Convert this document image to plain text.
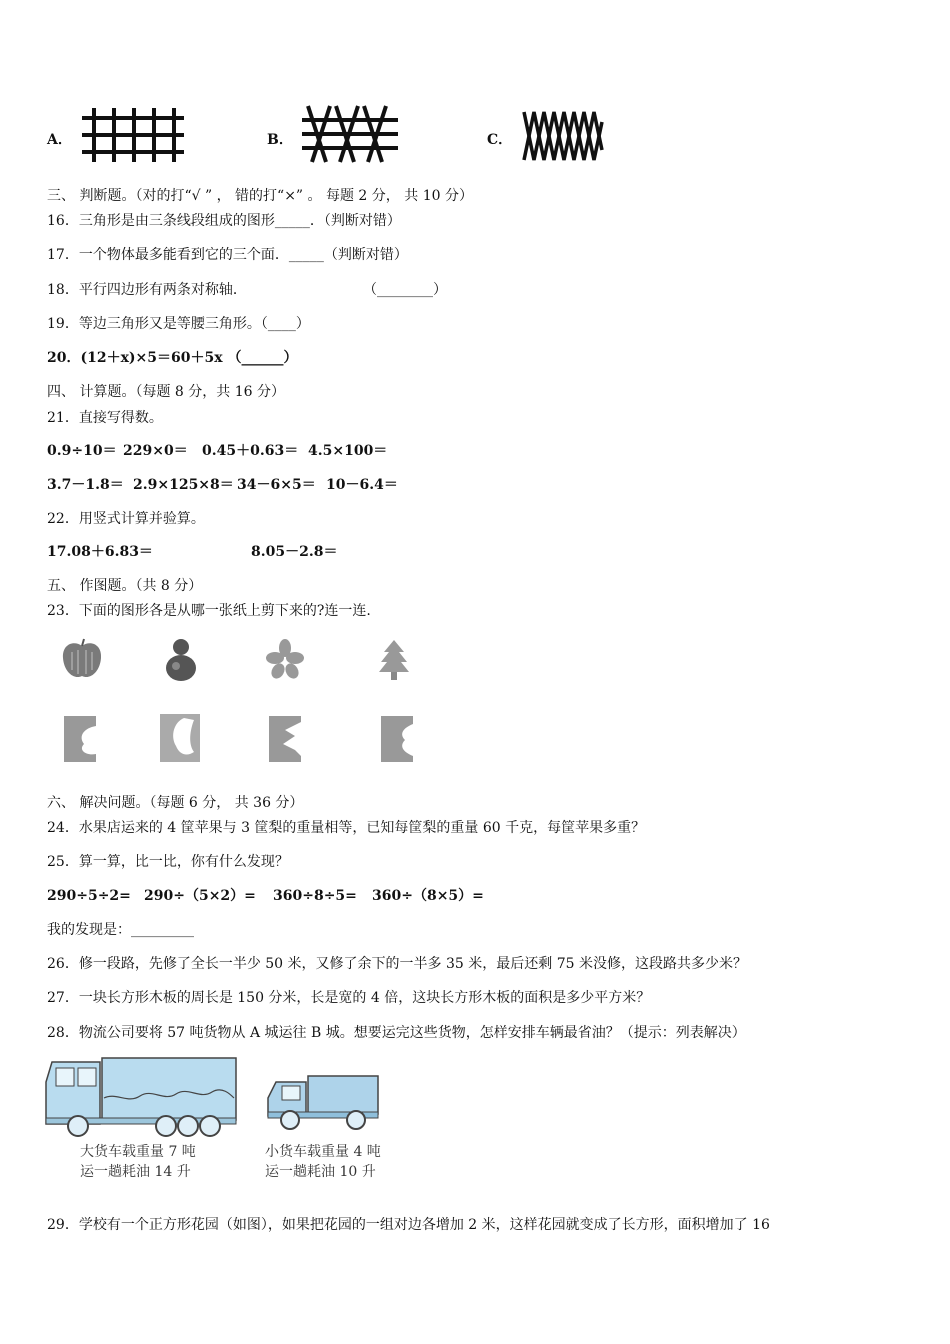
A．	B．	C．
三、 判断题。（对的打“√ ” ， 错的打“×” 。 每题 2 分， 共 10 分）
16．三角形是由三条线段组成的图形_____．（判断对错）
17．一个物体最多能看到它的三个面．_____（判断对错）
18．平行四边形有两条对称轴．	（________）
19．等边三角形又是等腰三角形。（____）
20．(12＋x)×5＝60＋5x （______）
四、 计算题。（每题 8 分，共 16 分）
21．直接写得数。
0.9÷10＝ 229×0＝ 0.45＋0.63＝ 4.5×100＝
3.7－1.8＝ 2.9×125×8＝ 34－6×5＝ 10－6.4＝
22．用竖式计算并验算。
17.08＋6.83＝	8.05－2.8＝
五、 作图题。（共 8 分）
23．下面的图形各是从哪一张纸上剪下来的?连一连.
六、 解决问题。（每题 6 分， 共 36 分）
24．水果店运来的 4 筐苹果与 3 筐梨的重量相等，已知每筐梨的重量 60 千克，每筐苹果多重？
25．算一算，比一比，你有什么发现？
290÷5÷2= 290÷（5×2）= 360÷8÷5= 360÷（8×5）=
我的发现是：_________
26．修一段路，先修了全长一半少 50 米，又修了余下的一半多 35 米，最后还剩 75 米没修，这段路共多少米？
27．一块长方形木板的周长是 150 分米，长是宽的 4 倍，这块长方形木板的面积是多少平方米？
28．物流公司要将 57 吨货物从 A 城运往 B 城。想要运完这些货物，怎样安排车辆最省油？（提示：列表解决）
大货车载重量 7 吨
运一趟耗油 14 升
小货车载重量 4 吨
运一趟耗油 10 升
29．学校有一个正方形花园（如图），如果把花园的一组对边各增加 2 米，这样花园就变成了长方形，面积增加了 16
